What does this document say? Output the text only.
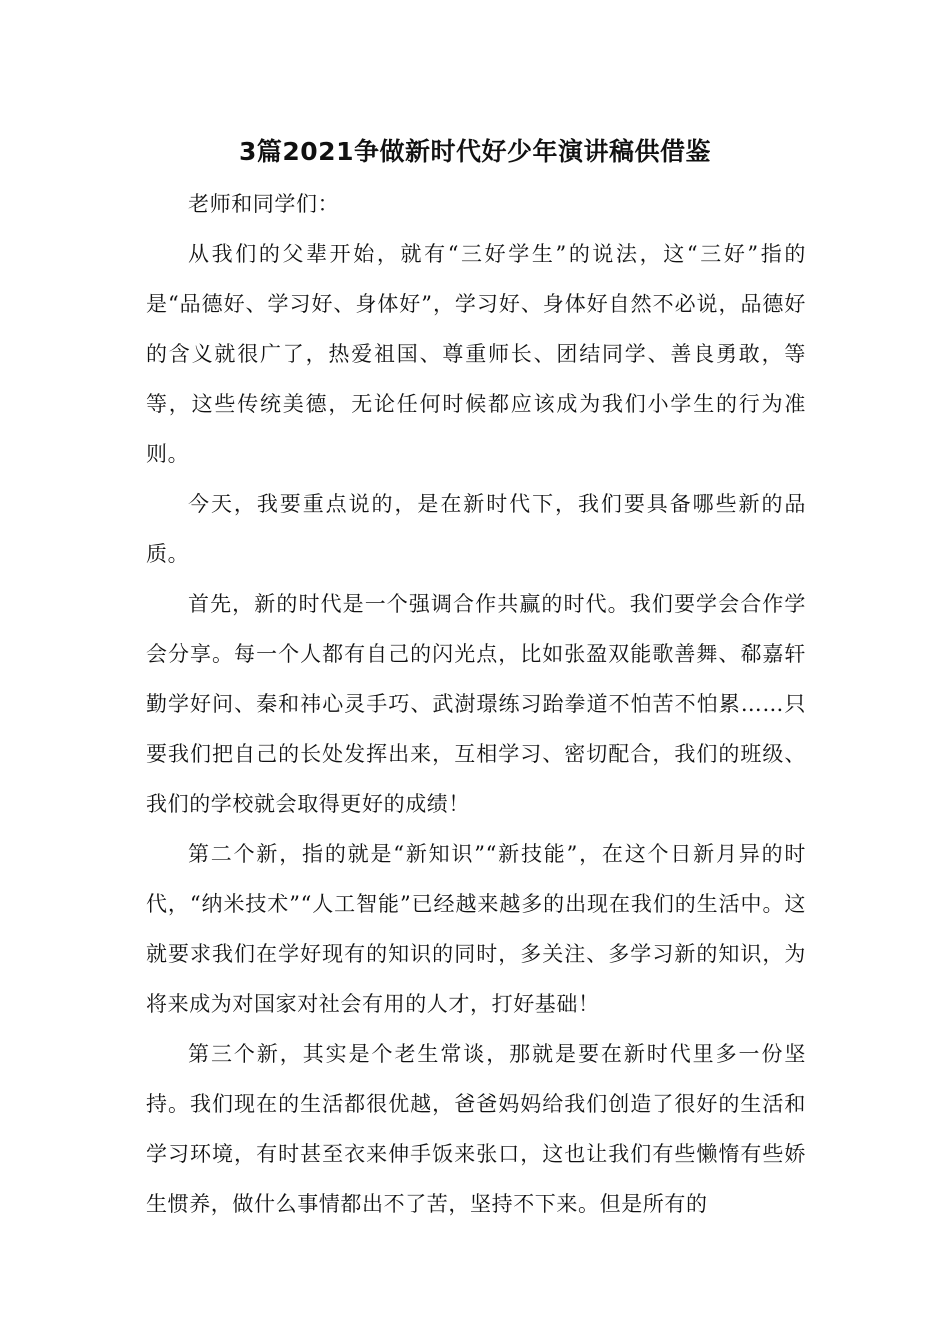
3篇2021争做新时代好少年演讲稿供借鉴

老师和同学们：

从我们的父辈开始，就有“三好学生”的说法，这“三好”指的是“品德好、学习好、身体好”，学习好、身体好自然不必说，品德好的含义就很广了，热爱祖国、尊重师长、团结同学、善良勇敢，等等，这些传统美德，无论任何时候都应该成为我们小学生的行为准则。

今天，我要重点说的，是在新时代下，我们要具备哪些新的品质。

首先，新的时代是一个强调合作共赢的时代。我们要学会合作学会分享。每一个人都有自己的闪光点，比如张盈双能歌善舞、郗嘉轩勤学好问、秦和祎心灵手巧、武澍璟练习跆拳道不怕苦不怕累……只要我们把自己的长处发挥出来，互相学习、密切配合，我们的班级、我们的学校就会取得更好的成绩！

第二个新，指的就是“新知识”“新技能”，在这个日新月异的时代，“纳米技术”“人工智能”已经越来越多的出现在我们的生活中。这就要求我们在学好现有的知识的同时，多关注、多学习新的知识，为将来成为对国家对社会有用的人才，打好基础！

第三个新，其实是个老生常谈，那就是要在新时代里多一份坚持。我们现在的生活都很优越，爸爸妈妈给我们创造了很好的生活和学习环境，有时甚至衣来伸手饭来张口，这也让我们有些懒惰有些娇生惯养，做什么事情都出不了苦，坚持不下来。但是所有的
